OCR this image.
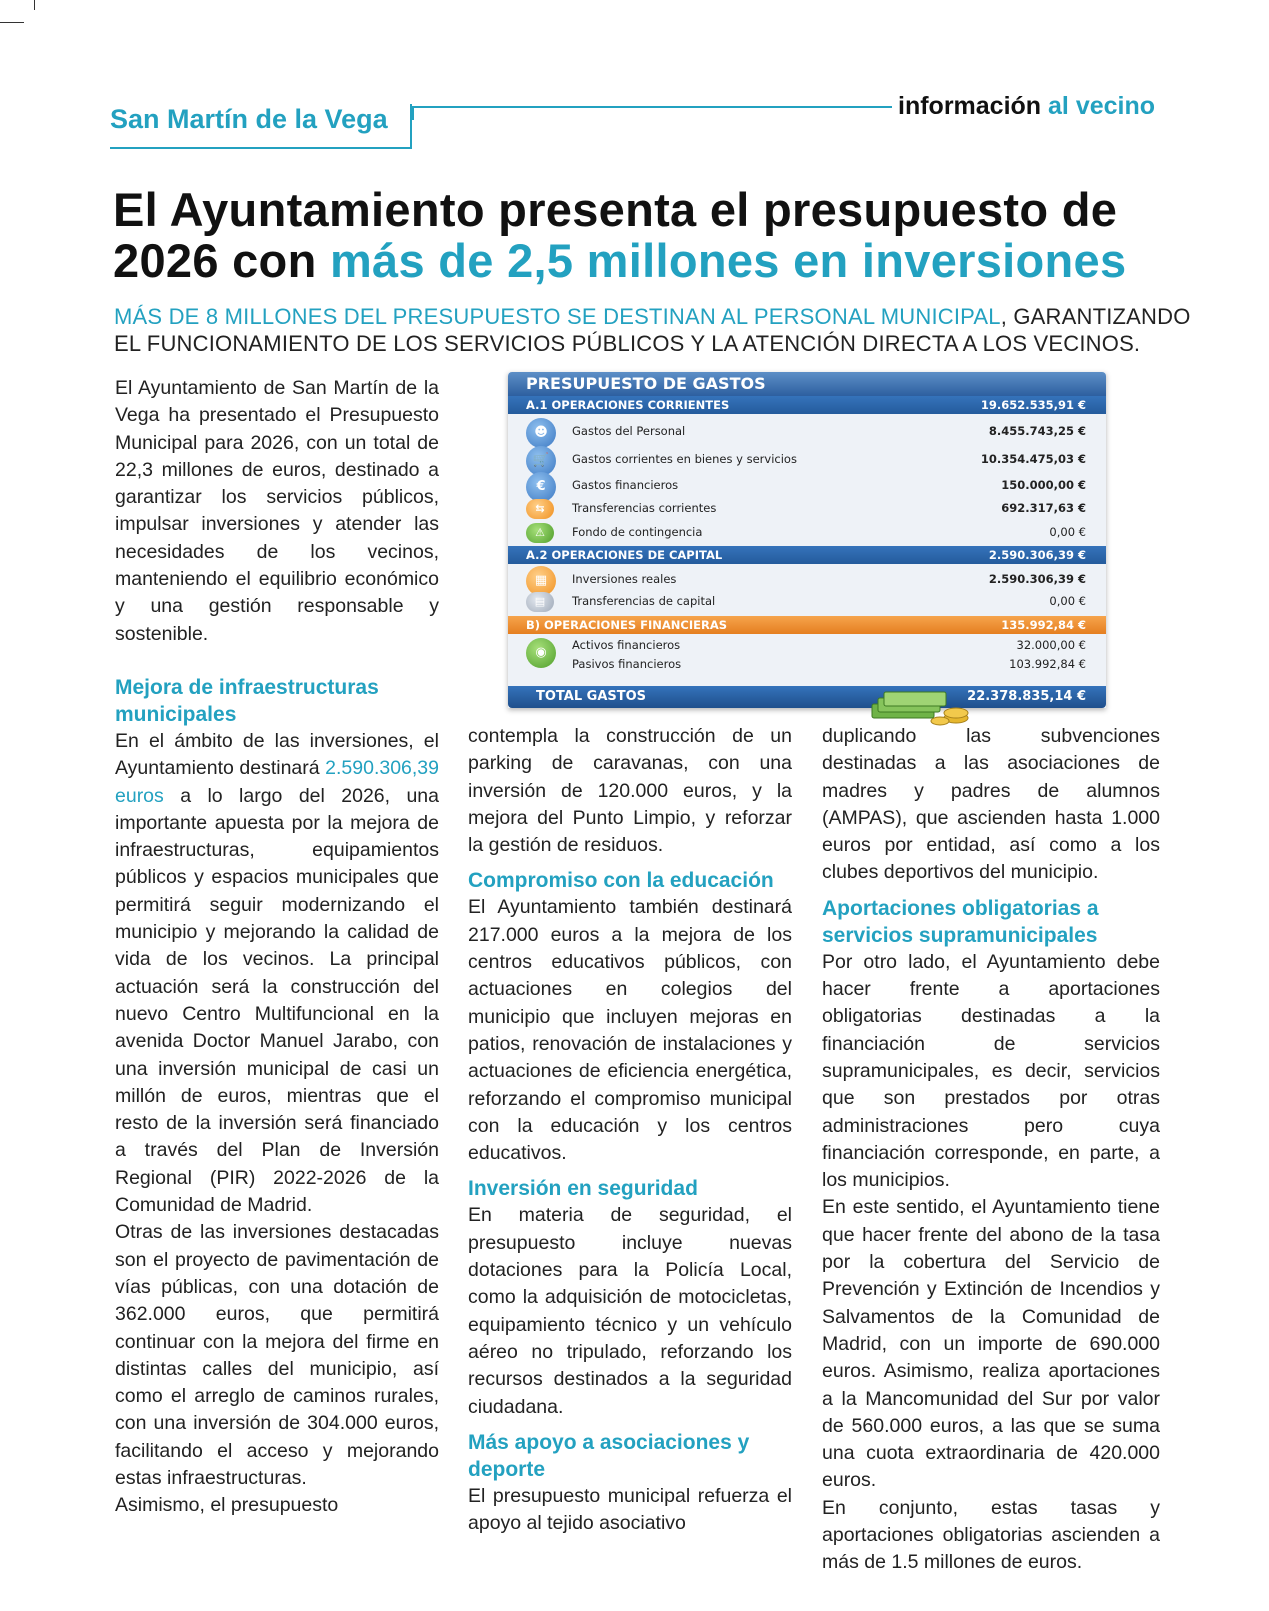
San Martín de la Vega	información al vecino
El Ayuntamiento presenta el presupuesto de 2026 con más de 2,5 millones en inversiones
MÁS DE 8 MILLONES DEL PRESUPUESTO SE DESTINAN AL PERSONAL MUNICIPAL, GARANTIZANDO EL FUNCIONAMIENTO DE LOS SERVICIOS PÚBLICOS Y LA ATENCIÓN DIRECTA A LOS VECINOS.

El Ayuntamiento de San Martín de la Vega ha presentado el Presupuesto Municipal para 2026, con un total de 22,3 millones de euros, destinado a garantizar los servicios públicos, impulsar inversiones y atender las necesidades de los vecinos, manteniendo el equilibrio económico y una gestión responsable y sostenible.

Mejora de infraestructuras municipales

En el ámbito de las inversiones, el Ayuntamiento destinará 2.590.306,39 euros a lo largo del 2026, una importante apuesta por la mejora de infraestructuras, equipamientos públicos y espacios municipales que permitirá seguir modernizando el municipio y mejorando la calidad de vida de los vecinos. La principal actuación será la construcción del nuevo Centro Multifuncional en la avenida Doctor Manuel Jarabo, con una inversión municipal de casi un millón de euros, mientras que el resto de la inversión será financiado a través del Plan de Inversión Regional (PIR) 2022-2026 de la Comunidad de Madrid.

Otras de las inversiones destacadas son el proyecto de pavimentación de vías públicas, con una dotación de 362.000 euros, que permitirá continuar con la mejora del firme en distintas calles del municipio, así como el arreglo de caminos rurales, con una inversión de 304.000 euros, facilitando el acceso y mejorando estas infraestructuras.

Asimismo, el presupuesto

contempla la construcción de un parking de caravanas, con una inversión de 120.000 euros, y la mejora del Punto Limpio, y reforzar la gestión de residuos.

Compromiso con la educación

El Ayuntamiento también destinará 217.000 euros a la mejora de los centros educativos públicos, con actuaciones en colegios del municipio que incluyen mejoras en patios, renovación de instalaciones y actuaciones de eficiencia energética, reforzando el compromiso municipal con la educación y los centros educativos.

Inversión en seguridad

En materia de seguridad, el presupuesto incluye nuevas dotaciones para la Policía Local, como la adquisición de motocicletas, equipamiento técnico y un vehículo aéreo no tripulado, reforzando los recursos destinados a la seguridad ciudadana.

Más apoyo a asociaciones y deporte

El presupuesto municipal refuerza el apoyo al tejido asociativo

duplicando las subvenciones destinadas a las asociaciones de madres y padres de alumnos (AMPAS), que ascienden hasta 1.000 euros por entidad, así como a los clubes deportivos del municipio.

Aportaciones obligatorias a servicios supramunicipales

Por otro lado, el Ayuntamiento debe hacer frente a aportaciones obligatorias destinadas a la financiación de servicios supramunicipales, es decir, servicios que son prestados por otras administraciones pero cuya financiación corresponde, en parte, a los municipios.

En este sentido, el Ayuntamiento tiene que hacer frente del abono de la tasa por la cobertura del Servicio de Prevención y Extinción de Incendios y Salvamentos de la Comunidad de Madrid, con un importe de 690.000 euros. Asimismo, realiza aportaciones a la Mancomunidad del Sur por valor de 560.000 euros, a las que se suma una cuota extraordinaria de 420.000 euros.

En conjunto, estas tasas y aportaciones obligatorias ascienden a más de 1.5 millones de euros.

PRESUPUESTO DE GASTOS
A.1 OPERACIONES CORRIENTES	19.652.535,91 €
☻	Gastos del Personal	8.455.743,25 €
🛒	Gastos corrientes en bienes y servicios	10.354.475,03 €
€	Gastos financieros	150.000,00 €
⇆	Transferencias corrientes	692.317,63 €
⚠	Fondo de contingencia	0,00 €
A.2 OPERACIONES DE CAPITAL	2.590.306,39 €
▦	Inversiones reales	2.590.306,39 €
▤	Transferencias de capital	0,00 €
B) OPERACIONES FINANCIERAS	135.992,84 €
◉	Activos financieros	32.000,00 €
Pasivos financieros	103.992,84 €
TOTAL GASTOS	22.378.835,14 €
